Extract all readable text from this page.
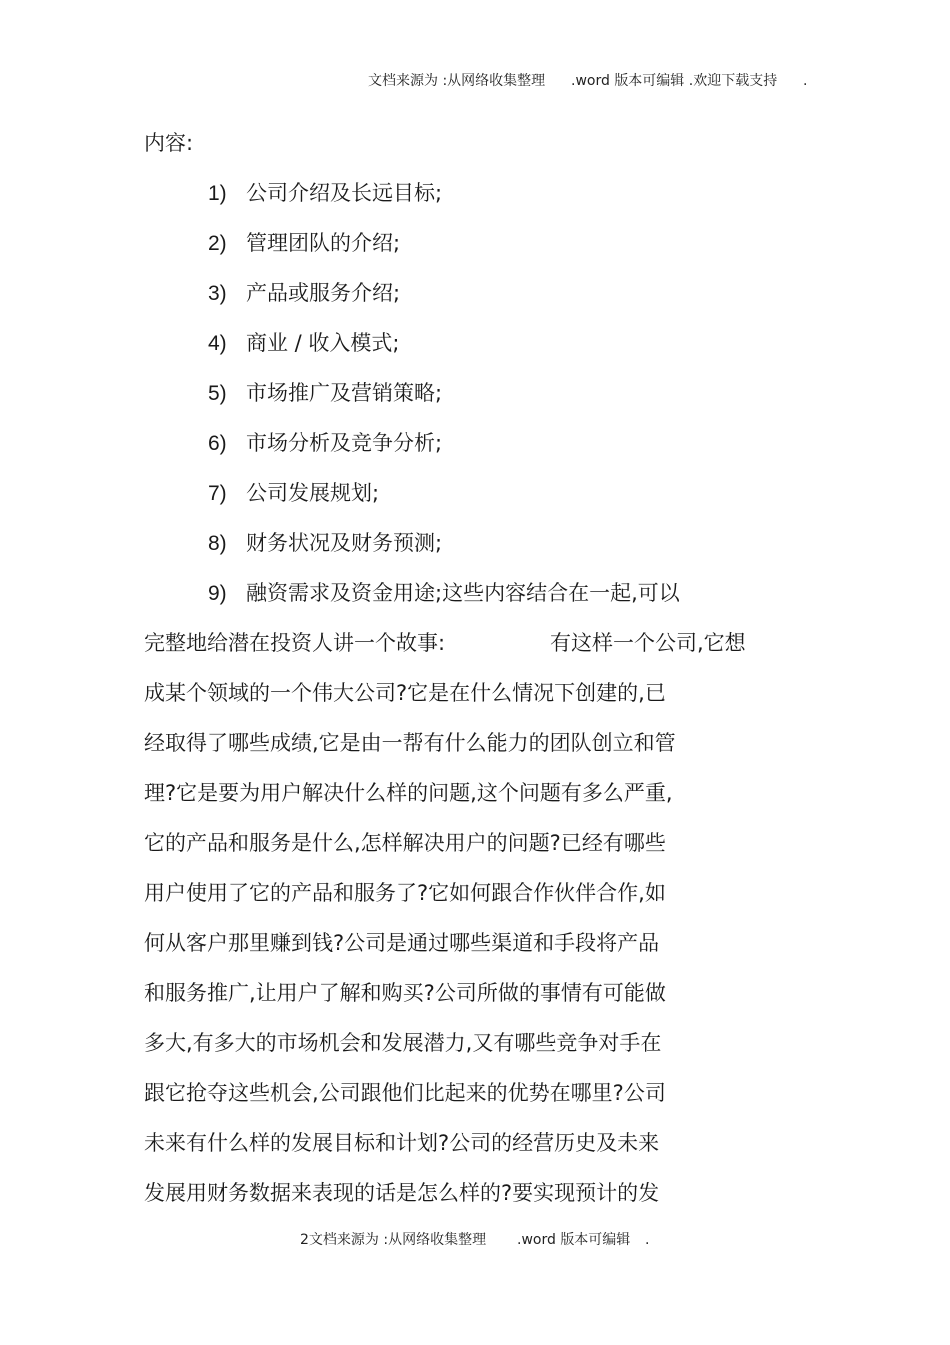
文档来源为 :从网络收集整理

.word 版本可编辑 .欢迎下载支持

.

内容:
1) 公司介绍及长远目标;
2) 管理团队的介绍;
3) 产品或服务介绍;
4) 商业 / 收入模式;
5) 市场推广及营销策略;
6) 市场分析及竞争分析;
7) 公司发展规划;
8) 财务状况及财务预测;
9) 融资需求及资金用途;这些内容结合在一起,可以
完整地给潜在投资人讲一个故事:	有这样一个公司,它想
成某个领域的一个伟大公司?它是在什么情况下创建的,已
经取得了哪些成绩,它是由一帮有什么能力的团队创立和管
理?它是要为用户解决什么样的问题,这个问题有多么严重,
它的产品和服务是什么,怎样解决用户的问题?已经有哪些
用户使用了它的产品和服务了?它如何跟合作伙伴合作,如
何从客户那里赚到钱?公司是通过哪些渠道和手段将产品
和服务推广,让用户了解和购买?公司所做的事情有可能做
多大,有多大的市场机会和发展潜力,又有哪些竞争对手在
跟它抢夺这些机会,公司跟他们比起来的优势在哪里?公司
未来有什么样的发展目标和计划?公司的经营历史及未来
发展用财务数据来表现的话是怎么样的?要实现预计的发

2文档来源为 :从网络收集整理

.word 版本可编辑

.
